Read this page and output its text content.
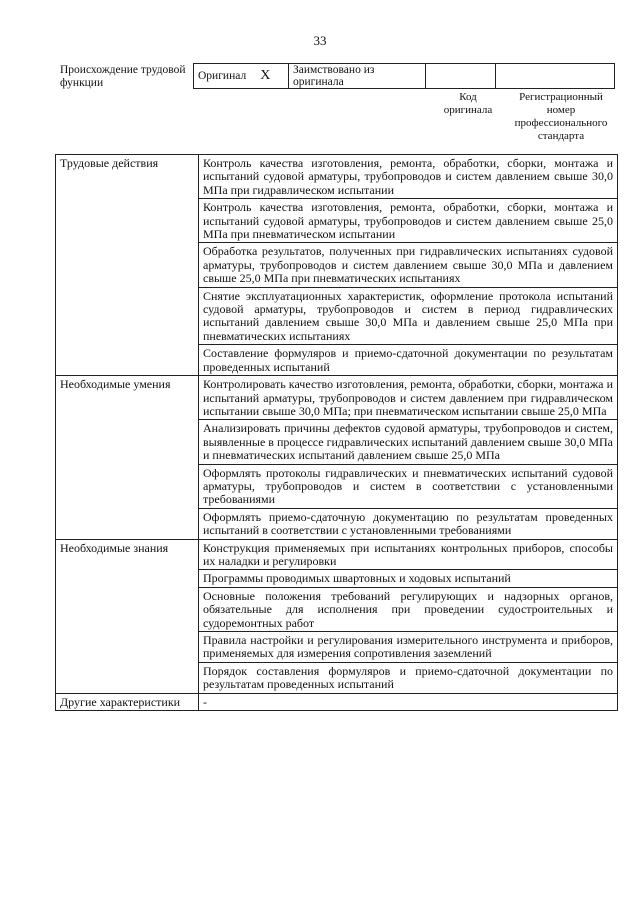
33
Происхождение трудовой функции
Оригинал X	Заимствовано из оригинала		
Код оригинала
Регистрационный номер профессионального стандарта
Трудовые действия	Контроль качества изготовления, ремонта, обработки, сборки, монтажа и испытаний судовой арматуры, трубопроводов и систем давлением свыше 30,0 МПа при гидравлическом испытании
	Контроль качества изготовления, ремонта, обработки, сборки, монтажа и испытаний судовой арматуры, трубопроводов и систем давлением свыше 25,0 МПа при пневматическом испытании
	Обработка результатов, полученных при гидравлических испытаниях судовой арматуры, трубопроводов и систем давлением свыше 30,0 МПа и давлением свыше 25,0 МПа при пневматических испытаниях
	Снятие эксплуатационных характеристик, оформление протокола испытаний судовой арматуры, трубопроводов и систем в период гидравлических испытаний давлением свыше 30,0 МПа и давлением свыше 25,0 МПа при пневматических испытаниях
	Составление формуляров и приемо-сдаточной документации по результатам проведенных испытаний
Необходимые умения	Контролировать качество изготовления, ремонта, обработки, сборки, монтажа и испытаний арматуры, трубопроводов и систем давлением при гидравлическом испытании свыше 30,0 МПа; при пневматическом испытании свыше 25,0 МПа
	Анализировать причины дефектов судовой арматуры, трубопроводов и систем, выявленные в процессе гидравлических испытаний давлением свыше 30,0 МПа и пневматических испытаний давлением свыше 25,0 МПа
	Оформлять протоколы гидравлических и пневматических испытаний судовой арматуры, трубопроводов и систем в соответствии с установленными требованиями
	Оформлять приемо-сдаточную документацию по результатам проведенных испытаний в соответствии с установленными требованиями
Необходимые знания	Конструкция применяемых при испытаниях контрольных приборов, способы их наладки и регулировки
	Программы проводимых швартовных и ходовых испытаний
	Основные положения требований регулирующих и надзорных органов, обязательные для исполнения при проведении судостроительных и судоремонтных работ
	Правила настройки и регулирования измерительного инструмента и приборов, применяемых для измерения сопротивления заземлений
	Порядок составления формуляров и приемо-сдаточной документации по результатам проведенных испытаний
Другие характеристики	-
